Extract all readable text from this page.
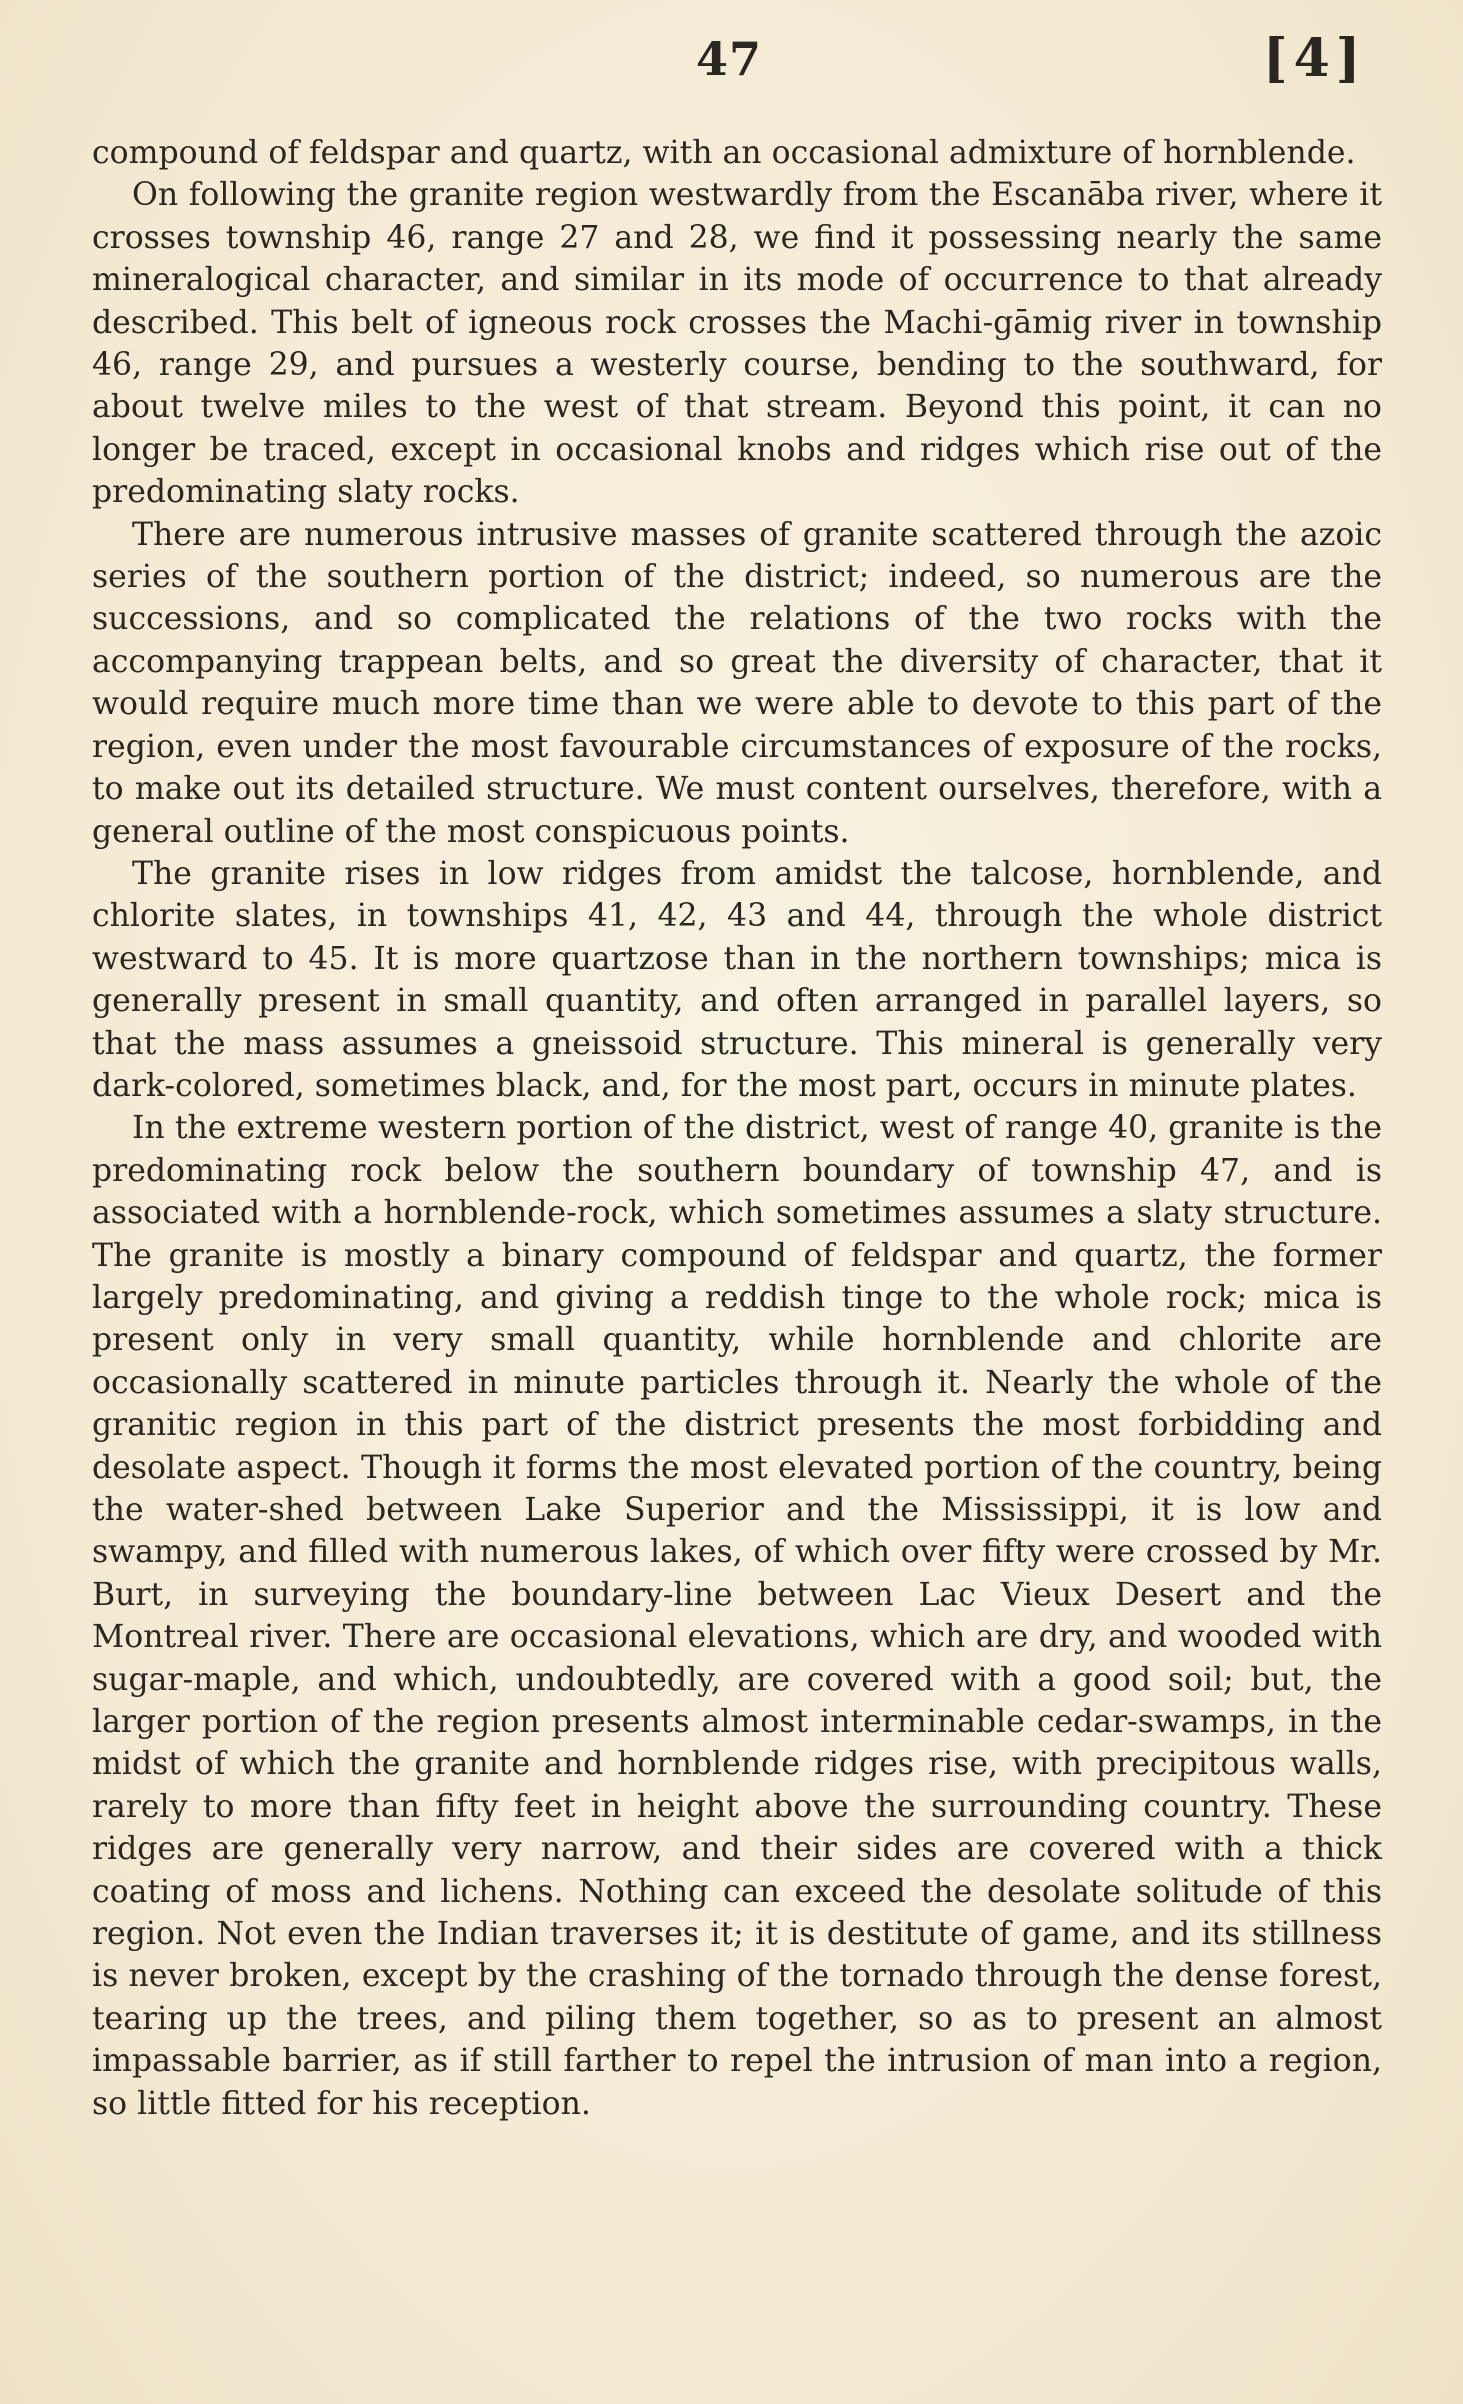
47	[4]

compound of feldspar and quartz, with an occasional admixture of hornblende.

On following the granite region westwardly from the Escanāba river, where it crosses township 46, range 27 and 28, we find it possessing nearly the same mineralogical character, and similar in its mode of occurrence to that already described. This belt of igneous rock crosses the Machi-gāmig river in township 46, range 29, and pursues a westerly course, bending to the southward, for about twelve miles to the west of that stream. Beyond this point, it can no longer be traced, except in occasional knobs and ridges which rise out of the predominating slaty rocks.

There are numerous intrusive masses of granite scattered through the azoic series of the southern portion of the district; indeed, so numerous are the successions, and so complicated the relations of the two rocks with the accompanying trappean belts, and so great the diversity of character, that it would require much more time than we were able to devote to this part of the region, even under the most favourable circumstances of exposure of the rocks, to make out its detailed structure. We must content ourselves, therefore, with a general outline of the most conspicuous points.

The granite rises in low ridges from amidst the talcose, hornblende, and chlorite slates, in townships 41, 42, 43 and 44, through the whole district westward to 45. It is more quartzose than in the northern townships; mica is generally present in small quantity, and often arranged in parallel layers, so that the mass assumes a gneissoid structure. This mineral is generally very dark-colored, sometimes black, and, for the most part, occurs in minute plates.

In the extreme western portion of the district, west of range 40, granite is the predominating rock below the southern boundary of township 47, and is associated with a hornblende-rock, which sometimes assumes a slaty structure. The granite is mostly a binary compound of feldspar and quartz, the former largely predominating, and giving a reddish tinge to the whole rock; mica is present only in very small quantity, while hornblende and chlorite are occasionally scattered in minute particles through it. Nearly the whole of the granitic region in this part of the district presents the most forbidding and desolate aspect. Though it forms the most elevated portion of the country, being the water-shed between Lake Superior and the Mississippi, it is low and swampy, and filled with numerous lakes, of which over fifty were crossed by Mr. Burt, in surveying the boundary-line between Lac Vieux Desert and the Montreal river. There are occasional elevations, which are dry, and wooded with sugar-maple, and which, undoubtedly, are covered with a good soil; but, the larger portion of the region presents almost interminable cedar-swamps, in the midst of which the granite and hornblende ridges rise, with precipitous walls, rarely to more than fifty feet in height above the surrounding country. These ridges are generally very narrow, and their sides are covered with a thick coating of moss and lichens. Nothing can exceed the desolate solitude of this region. Not even the Indian traverses it; it is destitute of game, and its stillness is never broken, except by the crashing of the tornado through the dense forest, tearing up the trees, and piling them together, so as to present an almost impassable barrier, as if still farther to repel the intrusion of man into a region, so little fitted for his reception.
